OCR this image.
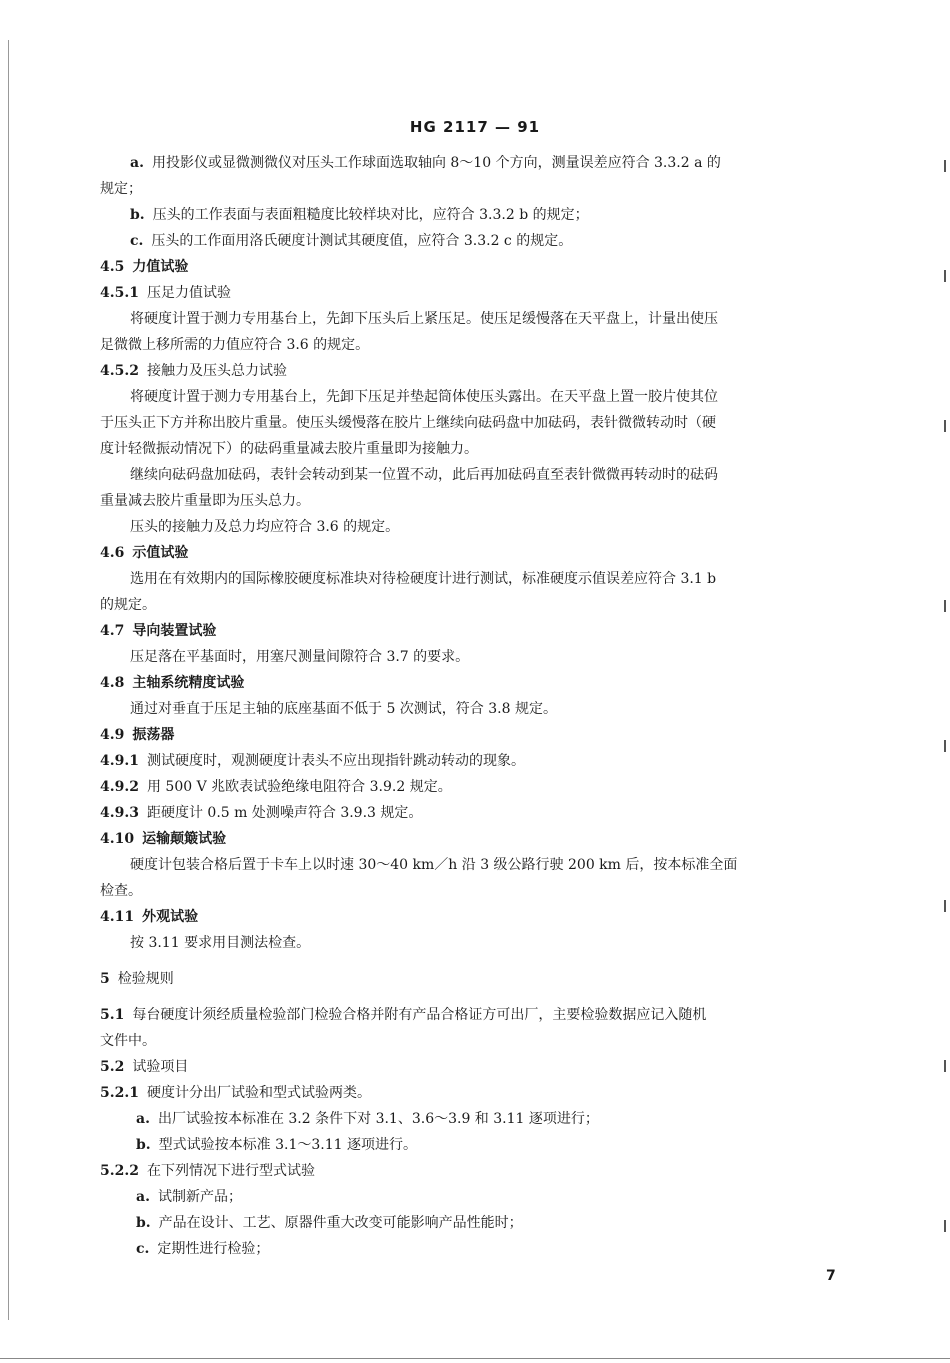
HG 2117 — 91
a. 用投影仪或显微测微仪对压头工作球面选取轴向 8～10 个方向，测量误差应符合 3.3.2 a 的
规定；
b. 压头的工作表面与表面粗糙度比较样块对比，应符合 3.3.2 b 的规定；
c. 压头的工作面用洛氏硬度计测试其硬度值，应符合 3.3.2 c 的规定。
4.5 力值试验
4.5.1 压足力值试验
将硬度计置于测力专用基台上，先卸下压头后上紧压足。使压足缓慢落在天平盘上，计量出使压
足微微上移所需的力值应符合 3.6 的规定。
4.5.2 接触力及压头总力试验
将硬度计置于测力专用基台上，先卸下压足并垫起筒体使压头露出。在天平盘上置一胶片使其位
于压头正下方并称出胶片重量。使压头缓慢落在胶片上继续向砝码盘中加砝码，表针微微转动时（硬
度计轻微振动情况下）的砝码重量减去胶片重量即为接触力。
继续向砝码盘加砝码，表针会转动到某一位置不动，此后再加砝码直至表针微微再转动时的砝码
重量减去胶片重量即为压头总力。
压头的接触力及总力均应符合 3.6 的规定。
4.6 示值试验
选用在有效期内的国际橡胶硬度标准块对待检硬度计进行测试，标准硬度示值误差应符合 3.1 b
的规定。
4.7 导向装置试验
压足落在平基面时，用塞尺测量间隙符合 3.7 的要求。
4.8 主轴系统精度试验
通过对垂直于压足主轴的底座基面不低于 5 次测试，符合 3.8 规定。
4.9 振荡器
4.9.1 测试硬度时，观测硬度计表头不应出现指针跳动转动的现象。
4.9.2 用 500 V 兆欧表试验绝缘电阻符合 3.9.2 规定。
4.9.3 距硬度计 0.5 m 处测噪声符合 3.9.3 规定。
4.10 运输颠簸试验
硬度计包装合格后置于卡车上以时速 30～40 km／h 沿 3 级公路行驶 200 km 后，按本标准全面
检查。
4.11 外观试验
按 3.11 要求用目测法检查。
5 检验规则
5.1 每台硬度计须经质量检验部门检验合格并附有产品合格证方可出厂，主要检验数据应记入随机
文件中。
5.2 试验项目
5.2.1 硬度计分出厂试验和型式试验两类。
a. 出厂试验按本标准在 3.2 条件下对 3.1、3.6～3.9 和 3.11 逐项进行；
b. 型式试验按本标准 3.1～3.11 逐项进行。
5.2.2 在下列情况下进行型式试验
a. 试制新产品；
b. 产品在设计、工艺、原器件重大改变可能影响产品性能时；
c. 定期性进行检验；
7
